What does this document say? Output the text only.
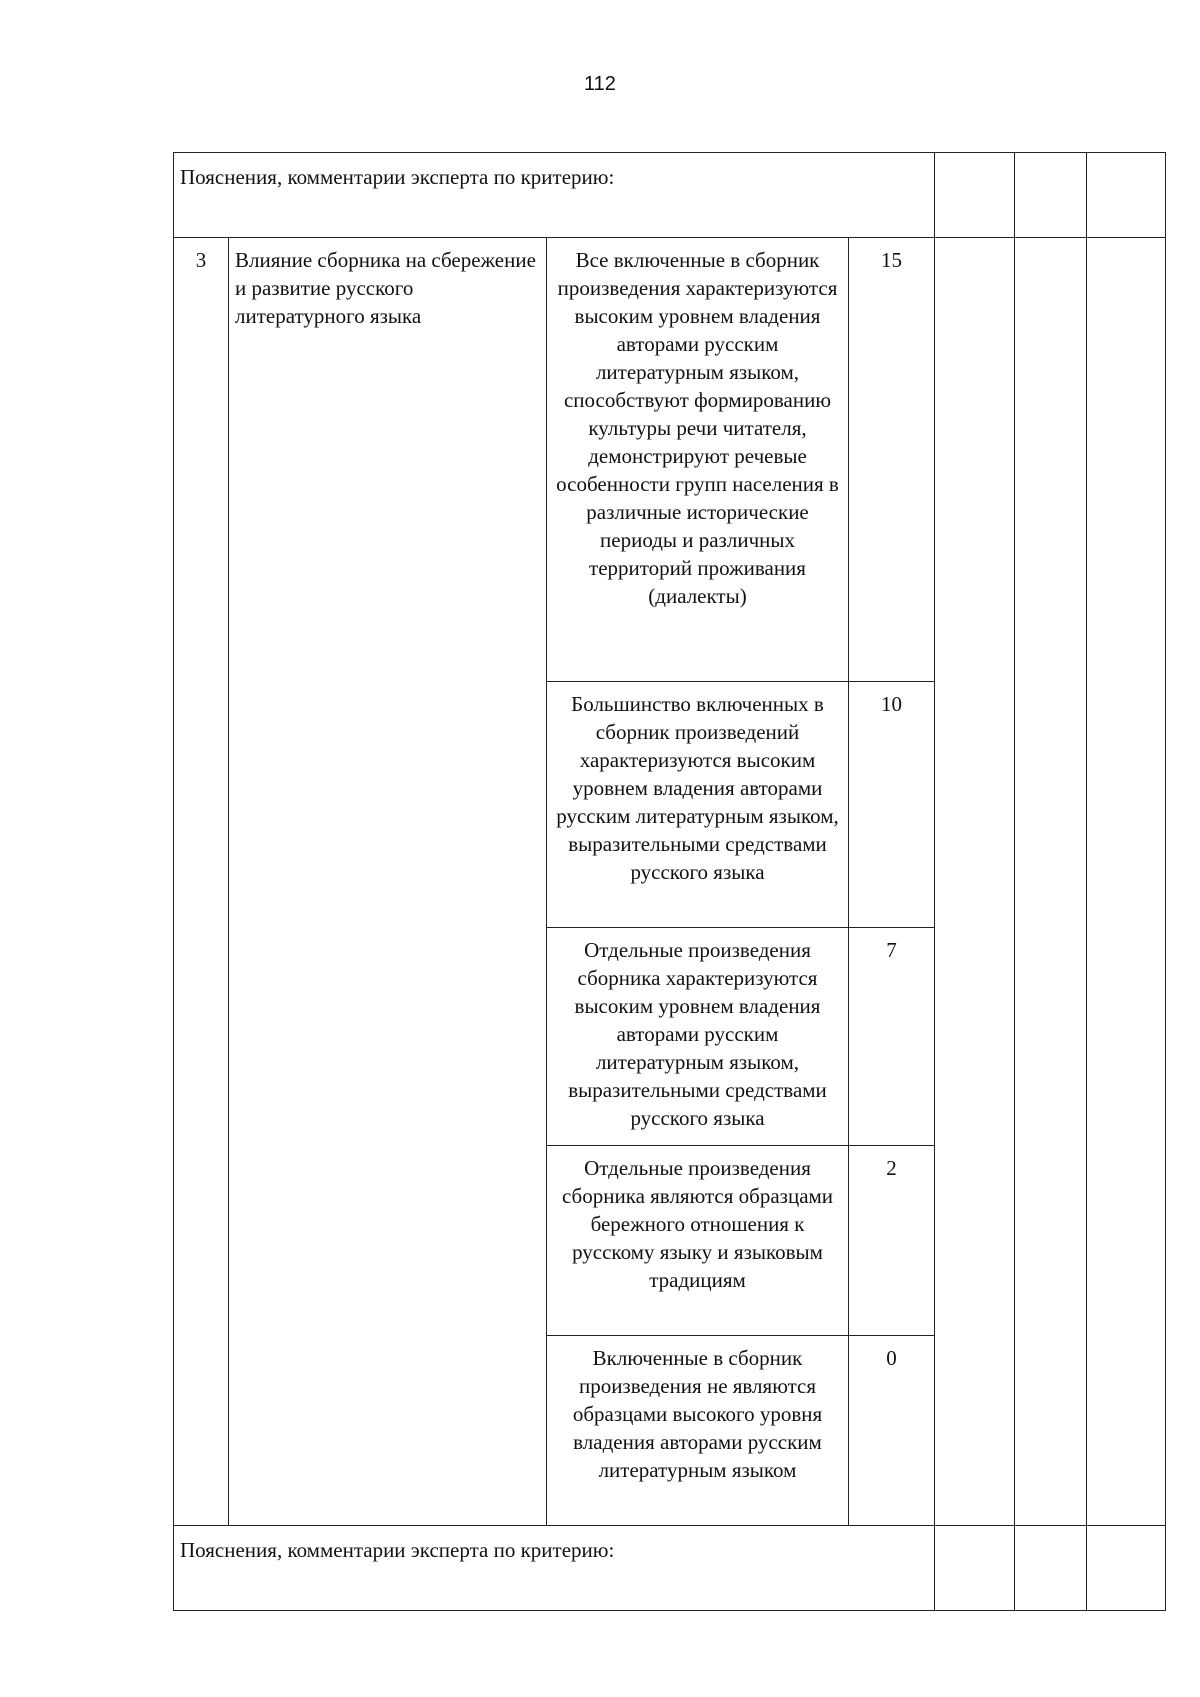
112
Пояснения, комментарии эксперта по критерию:						
3	Влияние сборника на сбережение и развитие русского литературного языка	Все включенные в сборник произведения характеризуются высоким уровнем владения авторами русским литературным языком, способствуют формированию культуры речи читателя, демонстрируют речевые особенности групп населения в различные исторические периоды и различных территорий проживания (диалекты)	15			
		Большинство включенных в сборник произведений характеризуются высоким уровнем владения авторами русским литературным языком, выразительными средствами русского языка	10			
		Отдельные произведения сборника характеризуются высоким уровнем владения авторами русским литературным языком, выразительными средствами русского языка	7			
		Отдельные произведения сборника являются образцами бережного отношения к русскому языку и языковым традициям	2			
		Включенные в сборник произведения не являются образцами высокого уровня владения авторами русским литературным языком	0			
Пояснения, комментарии эксперта по критерию:						
